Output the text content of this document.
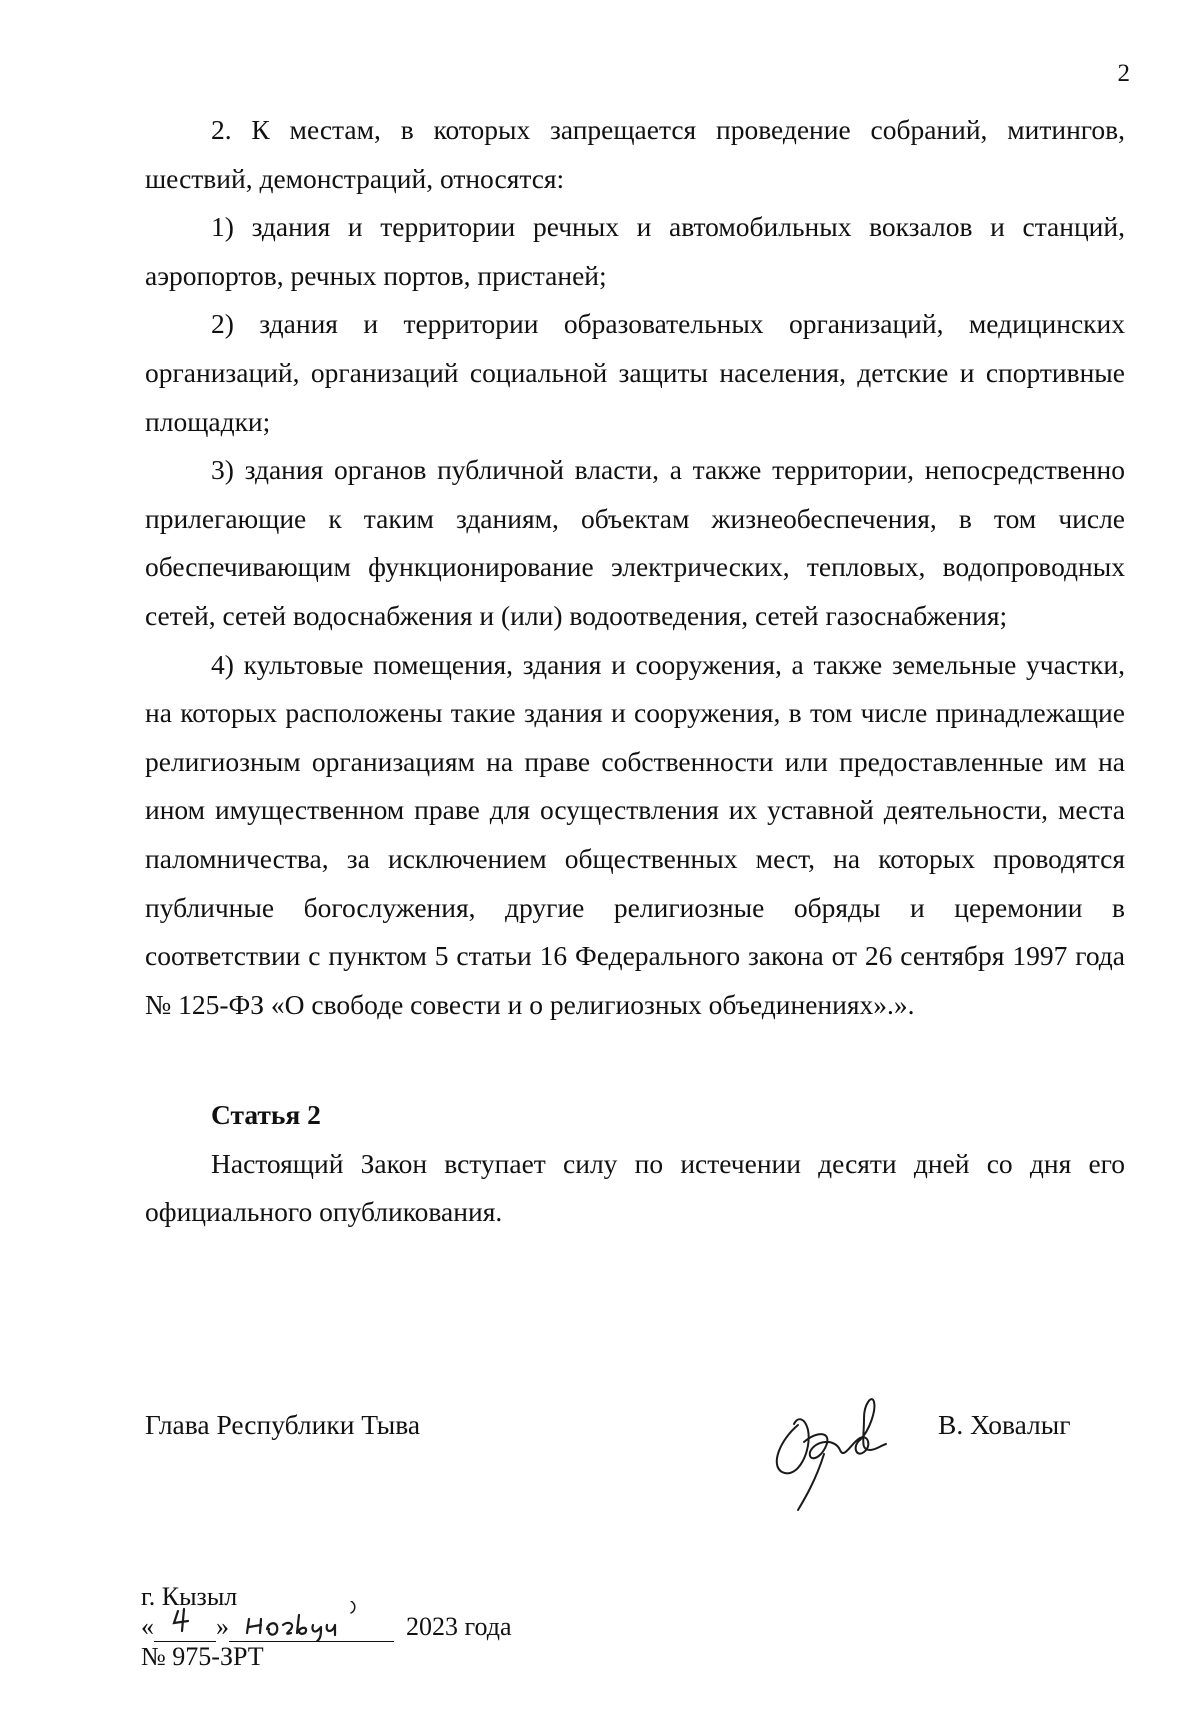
2

2. К местам, в которых запрещается проведение собраний, митингов, шествий, демонстраций, относятся:

1) здания и территории речных и автомобильных вокзалов и станций, аэропортов, речных портов, пристаней;

2) здания и территории образовательных организаций, медицинских организаций, организаций социальной защиты населения, детские и спортивные площадки;

3) здания органов публичной власти, а также территории, непосредственно прилегающие к таким зданиям, объектам жизнеобеспечения, в том числе обеспечивающим функционирование электрических, тепловых, водопроводных сетей, сетей водоснабжения и (или) водоотведения, сетей газоснабжения;

4) культовые помещения, здания и сооружения, а также земельные участки, на которых расположены такие здания и сооружения, в том числе принадлежащие религиозным организациям на праве собственности или предоставленные им на ином имущественном праве для осуществления их уставной деятельности, места паломничества, за исключением общественных мест, на которых проводятся публичные богослужения, другие религиозные обряды и церемонии в соответствии с пунктом 5 статьи 16 Федерального закона от 26 сентября 1997 года № 125-ФЗ «О свободе совести и о религиозных объединениях».».

Статья 2

Настоящий Закон вступает силу по истечении десяти дней со дня его официального опубликования.

Глава Республики Тыва	В. Ховалыг
г. Кызыл
« »	2023 года
№ 975-ЗРТ
